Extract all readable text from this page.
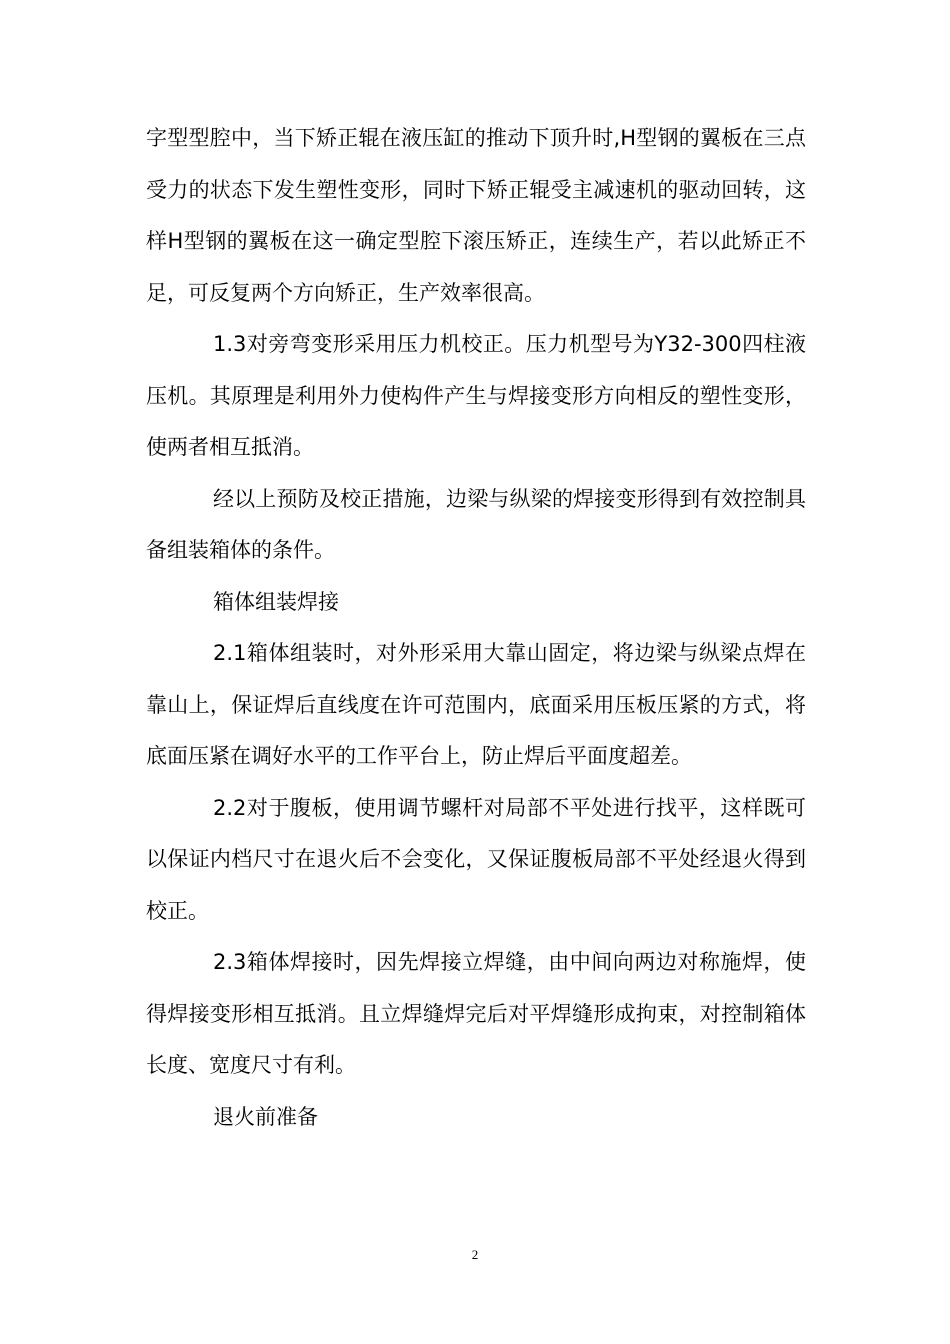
字型型腔中，当下矫正辊在液压缸的推动下顶升时,H型钢的翼板在三点受力的状态下发生塑性变形，同时下矫正辊受主减速机的驱动回转，这样H型钢的翼板在这一确定型腔下滚压矫正，连续生产，若以此矫正不足，可反复两个方向矫正，生产效率很高。

1.3对旁弯变形采用压力机校正。压力机型号为Y32-300四柱液压机。其原理是利用外力使构件产生与焊接变形方向相反的塑性变形，使两者相互抵消。

经以上预防及校正措施，边梁与纵梁的焊接变形得到有效控制具备组装箱体的条件。

箱体组装焊接

2.1箱体组装时，对外形采用大靠山固定，将边梁与纵梁点焊在靠山上，保证焊后直线度在许可范围内，底面采用压板压紧的方式，将底面压紧在调好水平的工作平台上，防止焊后平面度超差。

2.2对于腹板，使用调节螺杆对局部不平处进行找平，这样既可以保证内档尺寸在退火后不会变化，又保证腹板局部不平处经退火得到校正。

2.3箱体焊接时，因先焊接立焊缝，由中间向两边对称施焊，使得焊接变形相互抵消。且立焊缝焊完后对平焊缝形成拘束，对控制箱体长度、宽度尺寸有利。

退火前准备

2
